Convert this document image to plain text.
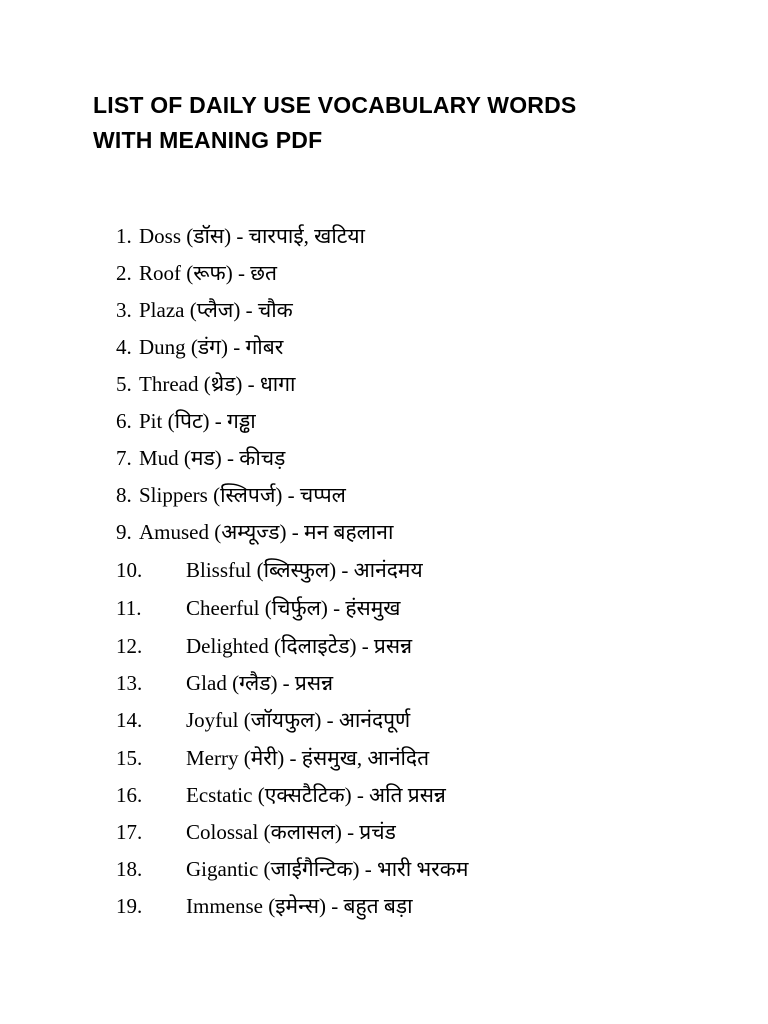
LIST OF DAILY USE VOCABULARY WORDS
WITH MEANING PDF
1. Doss (डॉस) - चारपाई, खटिया
2. Roof (रूफ) - छत
3. Plaza (प्लैज) - चौक
4. Dung (डंग) - गोबर
5. Thread (थ्रेड) - धागा
6. Pit (पिट) - गड्ढा
7. Mud (मड) - कीचड़
8. Slippers (स्लिपर्ज) - चप्पल
9. Amused (अम्यूज्ड) - मन बहलाना
10. Blissful (ब्लिस्फुल) - आनंदमय
11. Cheerful (चिर्फुल) - हंसमुख
12. Delighted (दिलाइटेड) - प्रसन्न
13. Glad (ग्लैड) - प्रसन्न
14. Joyful (जॉयफुल) - आनंदपूर्ण
15. Merry (मेरी) - हंसमुख, आनंदित
16. Ecstatic (एक्सटैटिक) - अति प्रसन्न
17. Colossal (कलासल) - प्रचंड
18. Gigantic (जाईगैन्टिक) - भारी भरकम
19. Immense (इमेन्स) - बहुत बड़ा
